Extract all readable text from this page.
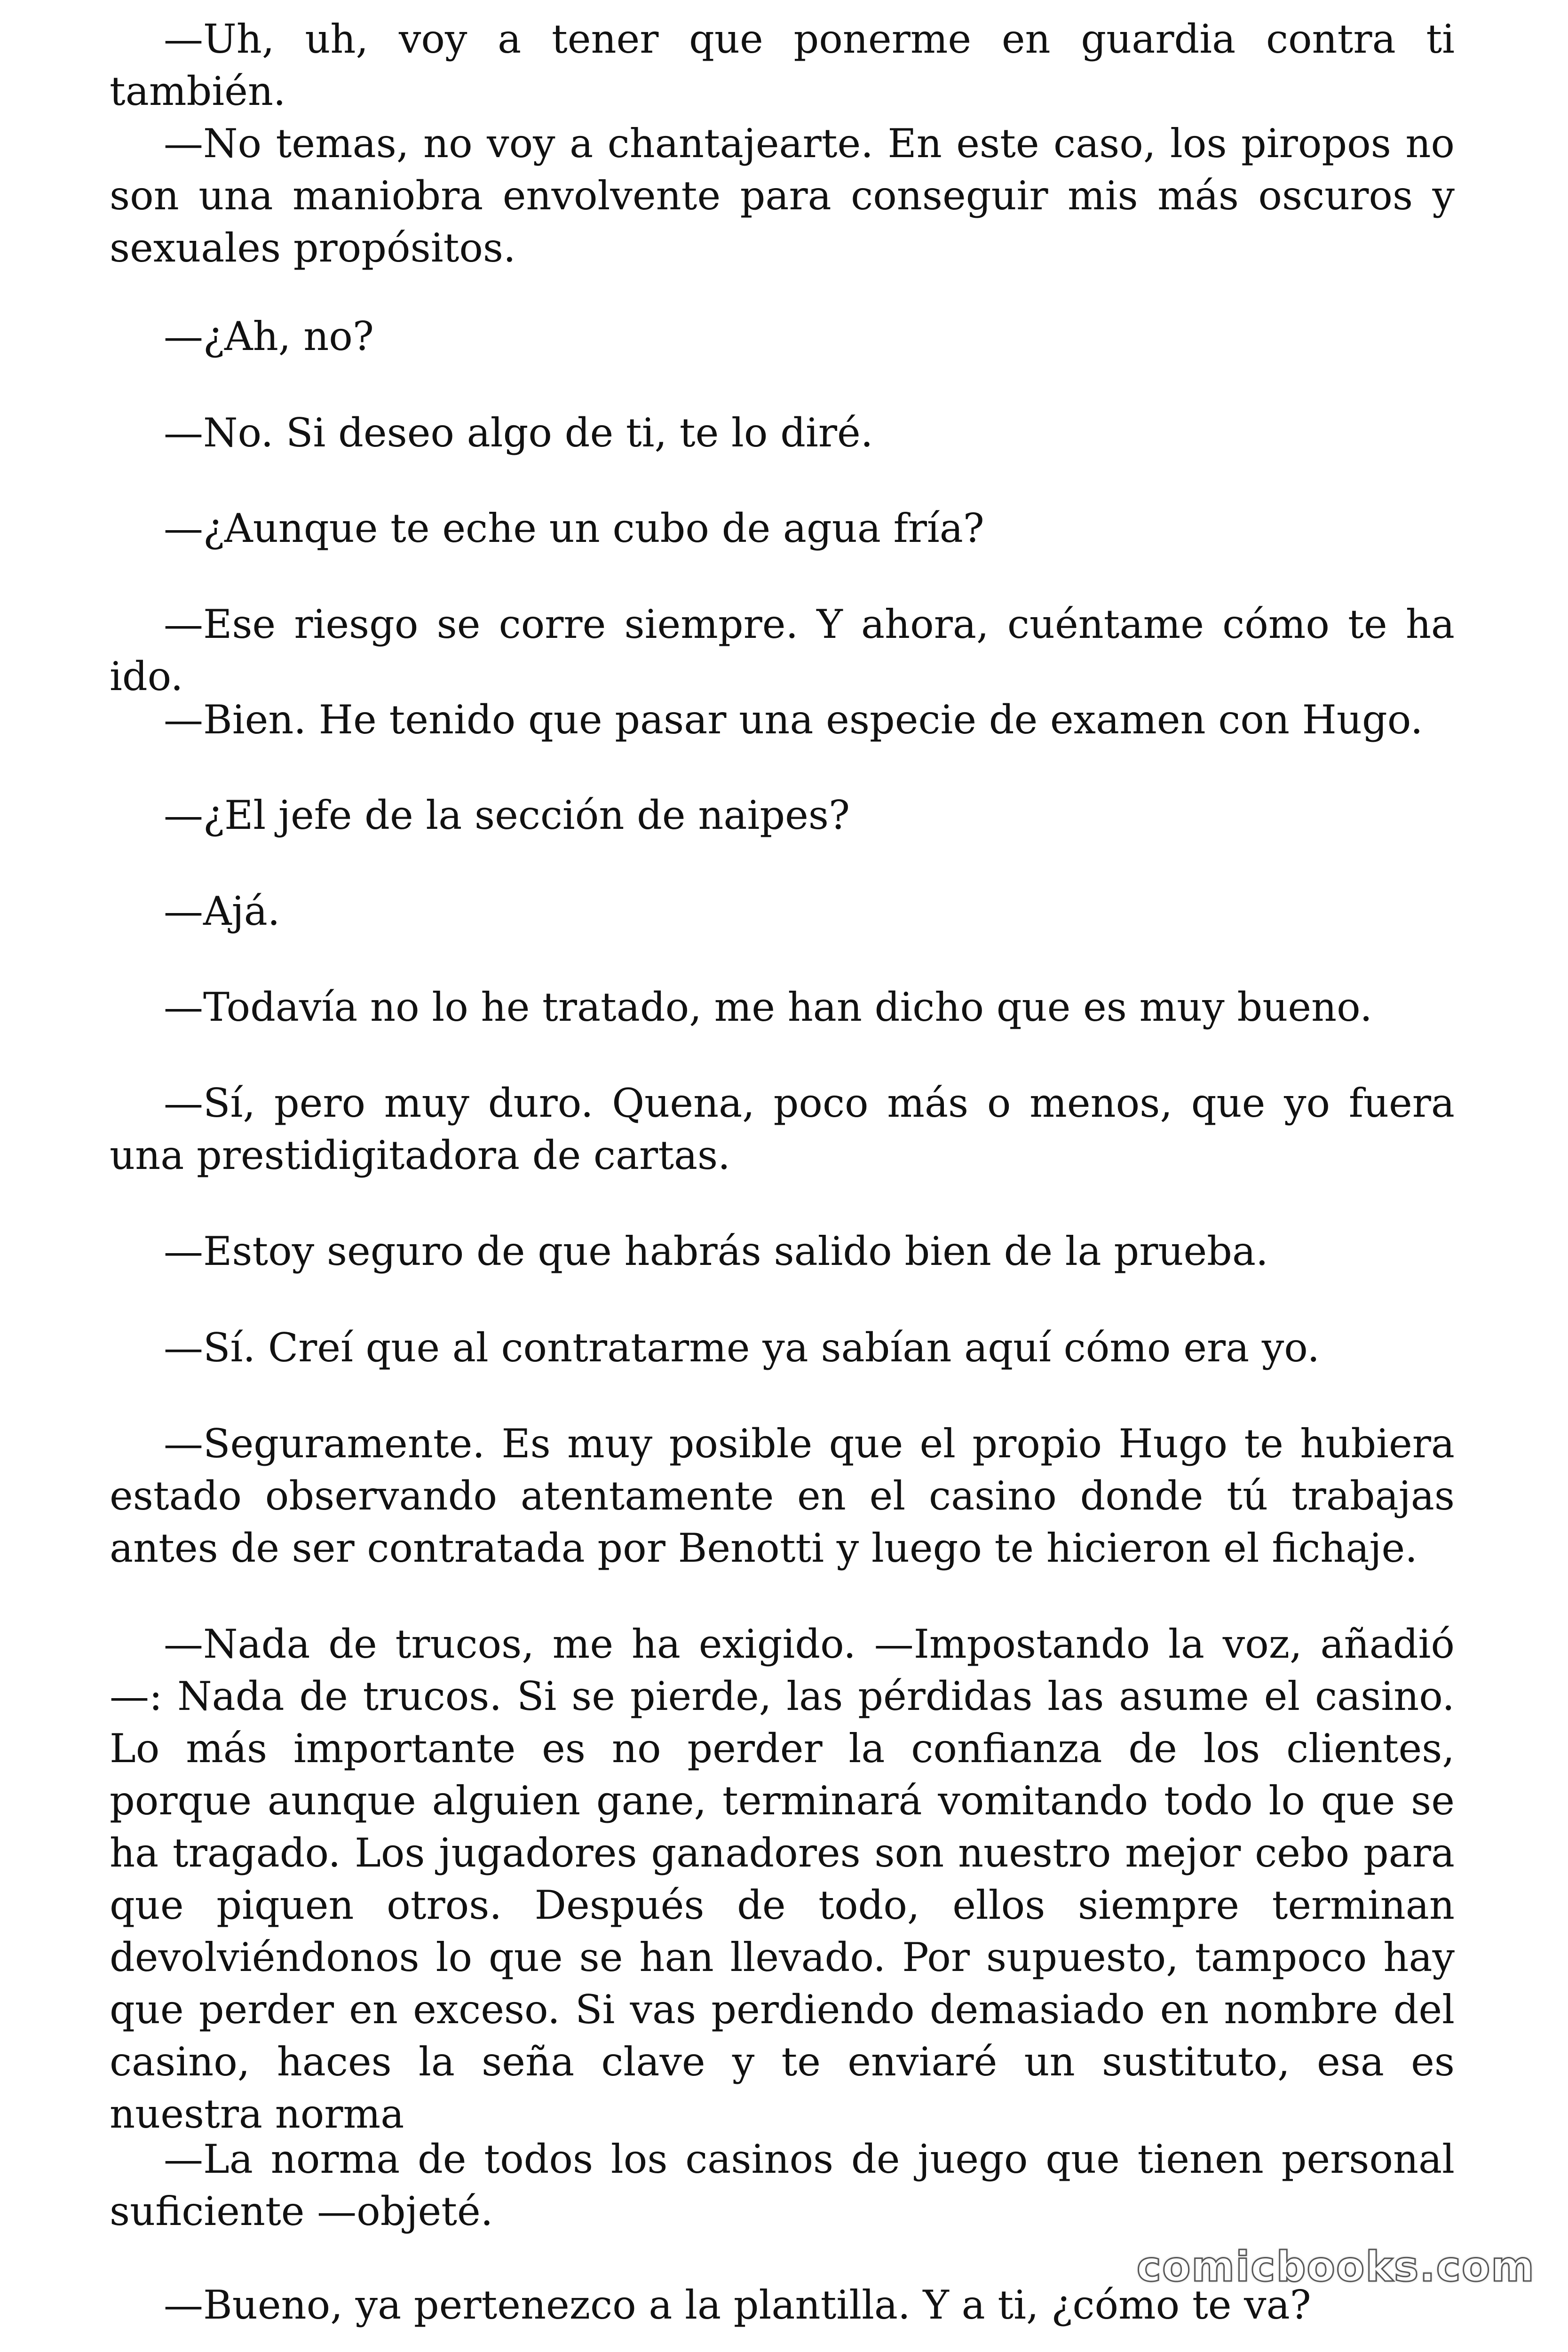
—Uh, uh, voy a tener que ponerme en guardia contra ti también.

—No temas, no voy a chantajearte. En este caso, los piropos no son una maniobra envolvente para conseguir mis más oscuros y sexuales propósitos.

—¿Ah, no?

—No. Si deseo algo de ti, te lo diré.

—¿Aunque te eche un cubo de agua fría?

—Ese riesgo se corre siempre. Y ahora, cuéntame cómo te ha ido.

—Bien. He tenido que pasar una especie de examen con Hugo.

—¿El jefe de la sección de naipes?

—Ajá.

—Todavía no lo he tratado, me han dicho que es muy bueno.

—Sí, pero muy duro. Quena, poco más o menos, que yo fuera una prestidigitadora de cartas.

—Estoy seguro de que habrás salido bien de la prueba.

—Sí. Creí que al contratarme ya sabían aquí cómo era yo.

—Seguramente. Es muy posible que el propio Hugo te hubiera estado observando atentamente en el casino donde tú trabajas antes de ser contratada por Benotti y luego te hicieron el fichaje.

—Nada de trucos, me ha exigido. —Impostando la voz, añadió—: Nada de trucos. Si se pierde, las pérdidas las asume el casino. Lo más importante es no perder la confianza de los clientes, porque aunque alguien gane, terminará vomitando todo lo que se ha tragado. Los jugadores ganadores son nuestro mejor cebo para que piquen otros. Después de todo, ellos siempre terminan devolviéndonos lo que se han llevado. Por supuesto, tampoco hay que perder en exceso. Si vas perdiendo demasiado en nombre del casino, haces la seña clave y te enviaré un sustituto, esa es nuestra norma

—La norma de todos los casinos de juego que tienen personal suficiente —objeté.

—Bueno, ya pertenezco a la plantilla. Y a ti, ¿cómo te va?

comicbooks.com
